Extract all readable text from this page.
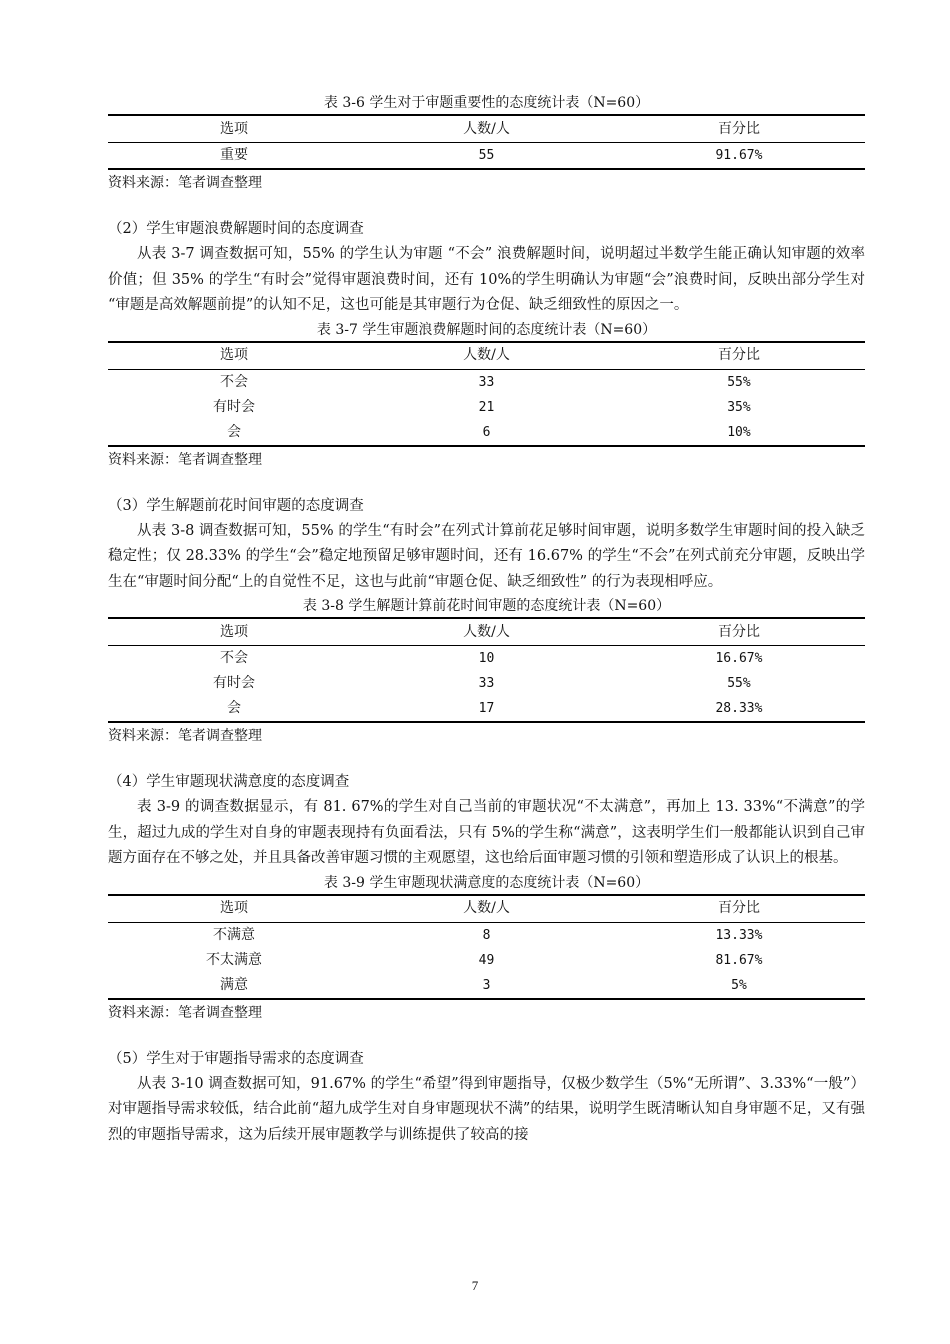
表 3-6 学生对于审题重要性的态度统计表（N=60）
选项	人数/人	百分比
重要	55	91.67%
资料来源：笔者调查整理
（2）学生审题浪费解题时间的态度调查

从表 3-7 调查数据可知，55% 的学生认为审题 “不会” 浪费解题时间，说明超过半数学生能正确认知审题的效率价值；但 35% 的学生“有时会”觉得审题浪费时间，还有 10%的学生明确认为审题“会”浪费时间，反映出部分学生对 “审题是高效解题前提”的认知不足，这也可能是其审题行为仓促、缺乏细致性的原因之一。

表 3-7 学生审题浪费解题时间的态度统计表（N=60）
选项	人数/人	百分比
不会	33	55%
有时会	21	35%
会	6	10%
资料来源：笔者调查整理
（3）学生解题前花时间审题的态度调查

从表 3-8 调查数据可知，55% 的学生“有时会”在列式计算前花足够时间审题，说明多数学生审题时间的投入缺乏稳定性；仅 28.33% 的学生“会”稳定地预留足够审题时间，还有 16.67% 的学生“不会”在列式前充分审题，反映出学生在“审题时间分配“上的自觉性不足，这也与此前“审题仓促、缺乏细致性” 的行为表现相呼应。

表 3-8 学生解题计算前花时间审题的态度统计表（N=60）
选项	人数/人	百分比
不会	10	16.67%
有时会	33	55%
会	17	28.33%
资料来源：笔者调查整理
（4）学生审题现状满意度的态度调查

表 3-9 的调查数据显示，有 81. 67%的学生对自己当前的审题状况“不太满意”，再加上 13. 33%“不满意”的学生，超过九成的学生对自身的审题表现持有负面看法，只有 5%的学生称“满意”，这表明学生们一般都能认识到自己审题方面存在不够之处，并且具备改善审题习惯的主观愿望，这也给后面审题习惯的引领和塑造形成了认识上的根基。

表 3-9 学生审题现状满意度的态度统计表（N=60）
选项	人数/人	百分比
不满意	8	13.33%
不太满意	49	81.67%
满意	3	5%
资料来源：笔者调查整理
（5）学生对于审题指导需求的态度调查

从表 3-10 调查数据可知，91.67% 的学生“希望”得到审题指导，仅极少数学生（5%“无所谓”、3.33%“一般”）对审题指导需求较低，结合此前“超九成学生对自身审题现状不满”的结果，说明学生既清晰认知自身审题不足，又有强烈的审题指导需求，这为后续开展审题教学与训练提供了较高的接

7
